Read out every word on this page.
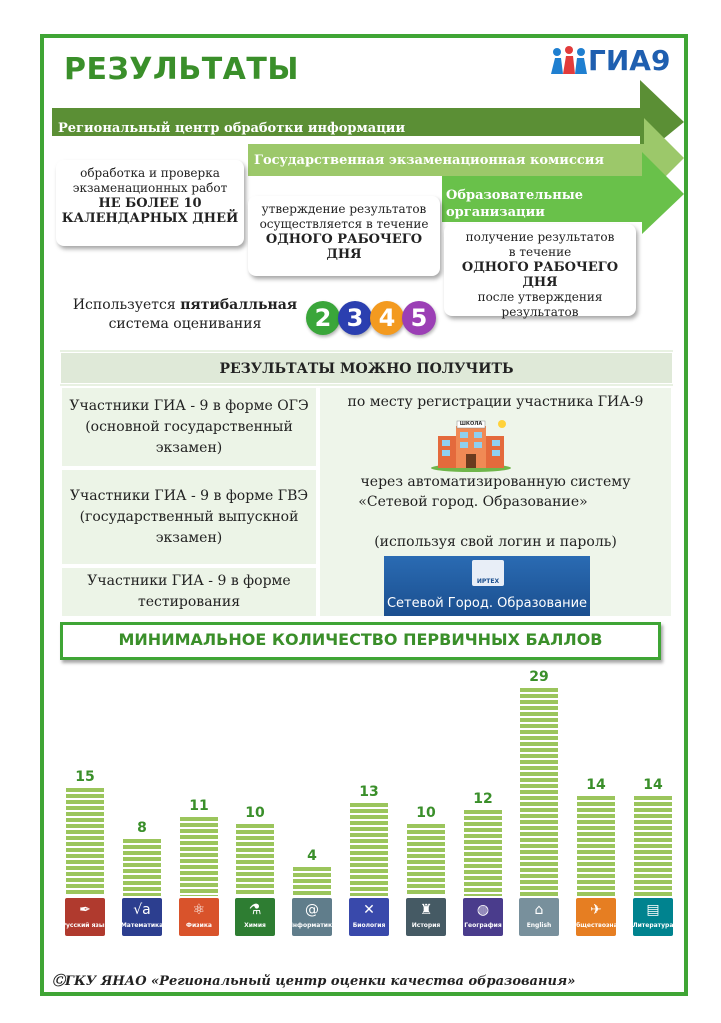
РЕЗУЛЬТАТЫ	ГИА9
Региональный центр обработки информации
Предметные комиссии
Государственная экзаменационная комиссия
Образовательные
организации
обработка и проверка
экзаменационных работ
НЕ БОЛЕЕ 10
КАЛЕНДАРНЫХ ДНЕЙ
утверждение результатов
осуществляется в течение
ОДНОГО РАБОЧЕГО ДНЯ
получение результатов
в течение
ОДНОГО РАБОЧЕГО ДНЯ
после утверждения
результатов
Используется пятибалльная
система оценивания	2 3 4 5
РЕЗУЛЬТАТЫ МОЖНО ПОЛУЧИТЬ
Участники ГИА - 9 в форме ОГЭ
(основной государственный
экзамен)
Участники ГИА - 9 в форме ГВЭ
(государственный выпускной
экзамен)
Участники ГИА - 9 в форме
тестирования
по месту регистрации участника ГИА-9
ШКОЛА
через автоматизированную систему
«Сетевой город. Образование»
(используя свой логин и пароль)
ИРТЕХ
Сетевой Город. Образование
МИНИМАЛЬНОЕ КОЛИЧЕСТВО ПЕРВИЧНЫХ БАЛЛОВ
15
✒
Русский язык
8
√a
Математика
11
⚛
Физика
10
⚗
Химия
4
@
Информатика
13
✕
Биология
10
♜
История
12
◍
География
29
⌂
English
14
✈
Обществознание
14
▤
Литература
ⒸГКУ ЯНАО «Региональный центр оценки качества образования»
